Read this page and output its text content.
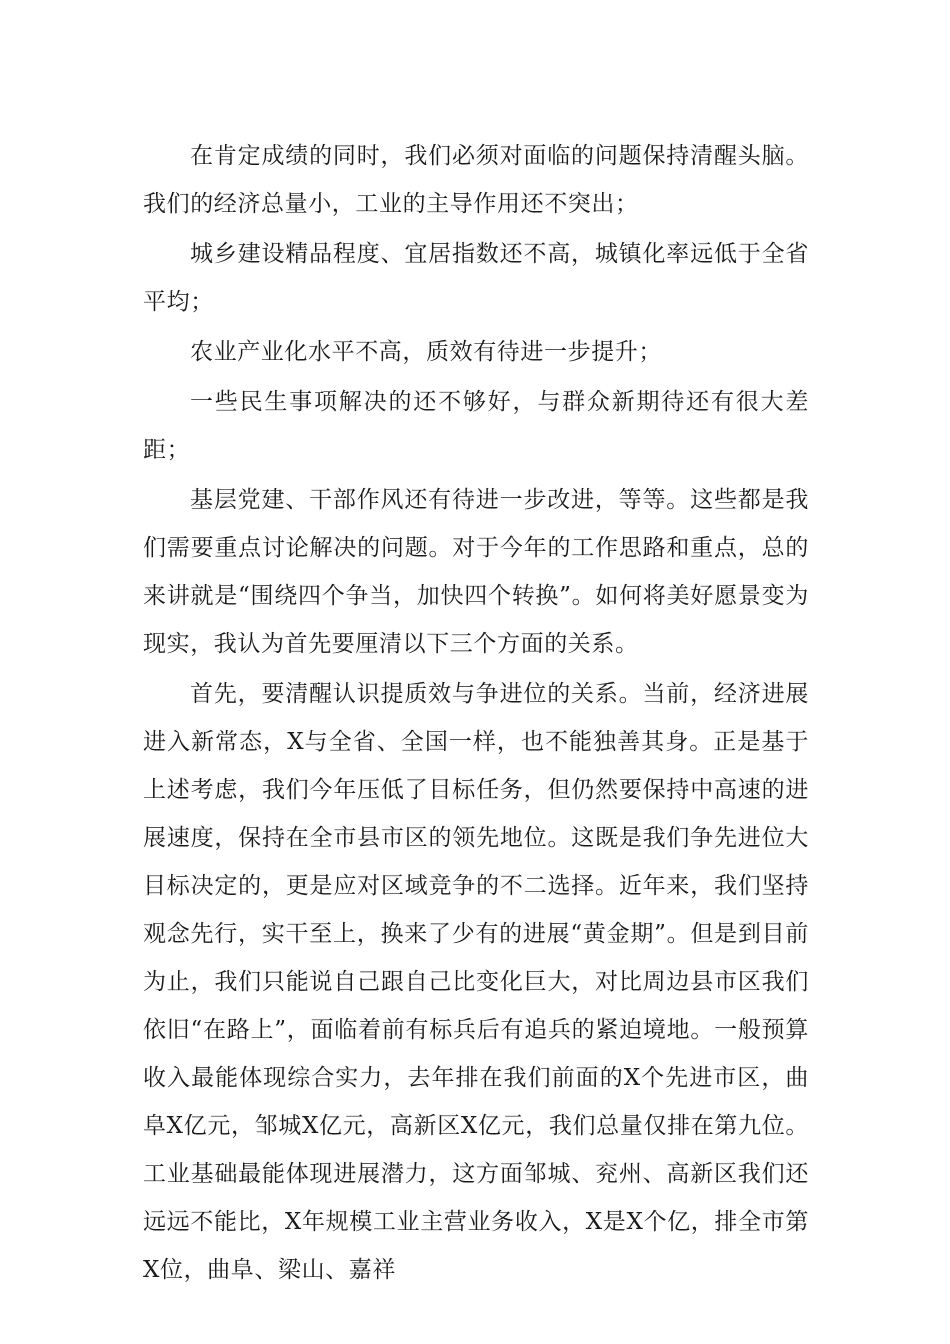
在肯定成绩的同时，我们必须对面临的问题保持清醒头脑。我们的经济总量小，工业的主导作用还不突出；

城乡建设精品程度、宜居指数还不高，城镇化率远低于全省平均；

农业产业化水平不高，质效有待进一步提升；

一些民生事项解决的还不够好，与群众新期待还有很大差距；

基层党建、干部作风还有待进一步改进，等等。这些都是我们需要重点讨论解决的问题。对于今年的工作思路和重点，总的来讲就是“围绕四个争当，加快四个转换”。如何将美好愿景变为现实，我认为首先要厘清以下三个方面的关系。

首先，要清醒认识提质效与争进位的关系。当前，经济进展进入新常态，X与全省、全国一样，也不能独善其身。正是基于上述考虑，我们今年压低了目标任务，但仍然要保持中高速的进展速度，保持在全市县市区的领先地位。这既是我们争先进位大目标决定的，更是应对区域竞争的不二选择。近年来，我们坚持观念先行，实干至上，换来了少有的进展“黄金期”。但是到目前为止，我们只能说自己跟自己比变化巨大，对比周边县市区我们依旧“在路上”，面临着前有标兵后有追兵的紧迫境地。一般预算收入最能体现综合实力，去年排在我们前面的X个先进市区，曲阜X亿元，邹城X亿元，高新区X亿元，我们总量仅排在第九位。工业基础最能体现进展潜力，这方面邹城、兖州、高新区我们还远远不能比，X年规模工业主营业务收入，X是X个亿，排全市第X位，曲阜、梁山、嘉祥
